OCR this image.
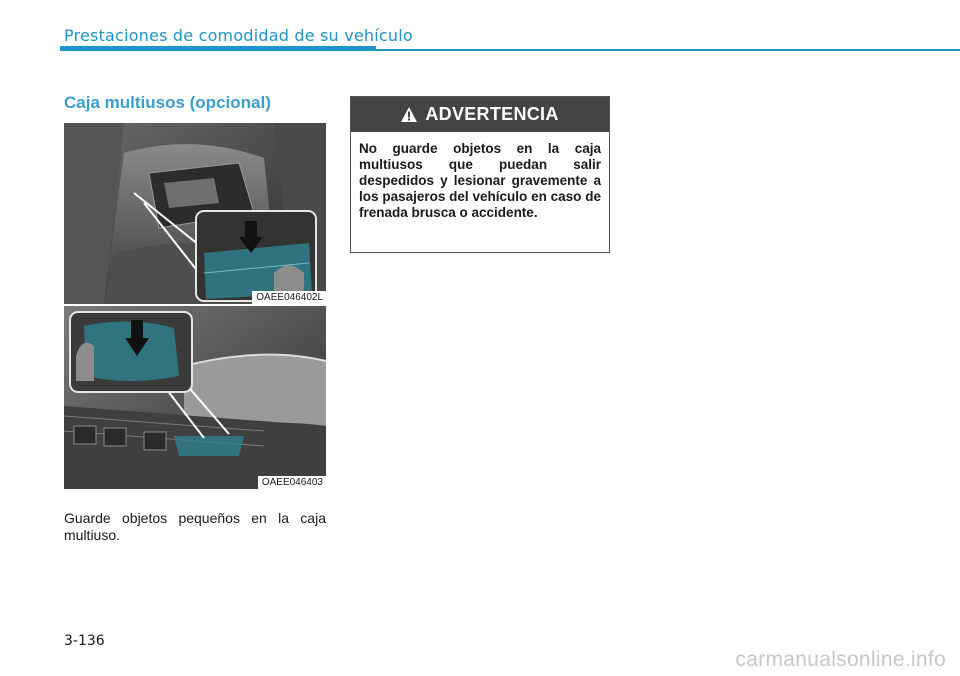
Prestaciones de comodidad de su vehículo
Caja multiusos (opcional)
OAEE046402L
OAEE046403
Guarde objetos pequeños en la caja multiuso.
ADVERTENCIA
No guarde objetos en la caja multiusos que puedan salir despedidos y lesionar gravemente a los pasajeros del vehículo en caso de frenada brusca o accidente.
3-136
carmanualsonline.info
